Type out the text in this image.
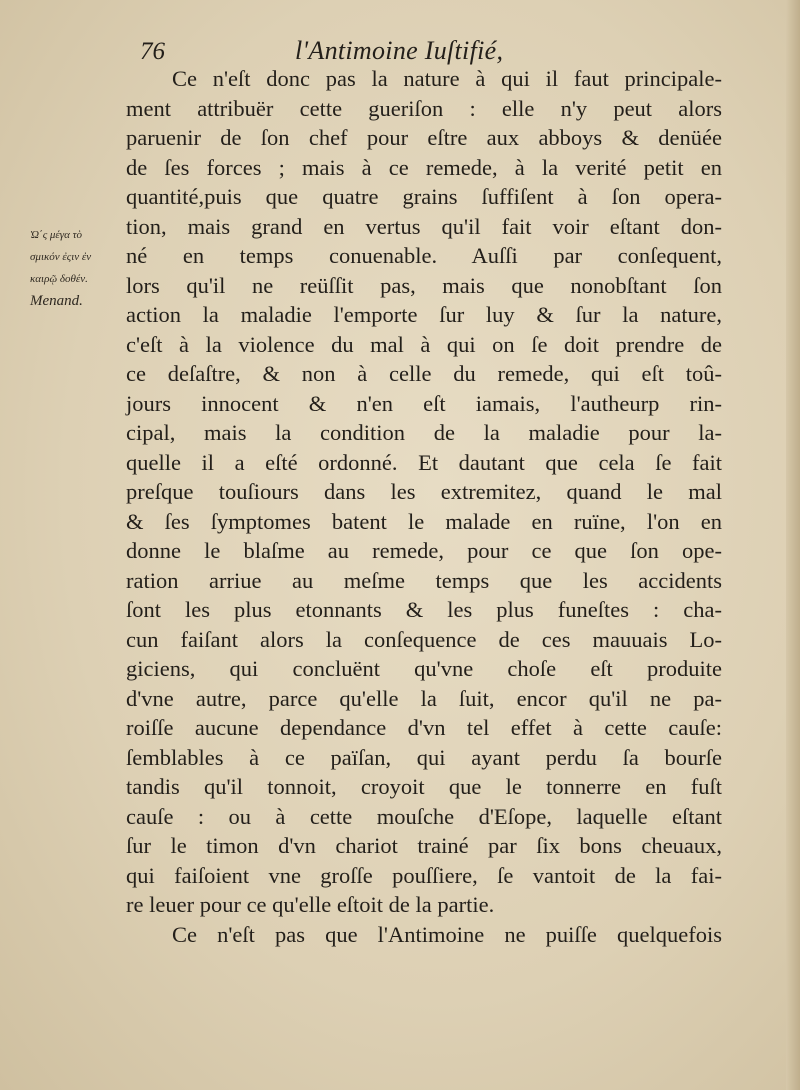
76	l'Antimoine Iuſtifié,
Ὡ΄ς μέγα τὸ
σμικόν ἐςιν ἐν
καιρῷ δοθέν.
Menand.
Ce n'eſt donc pas la nature à qui il faut principale-
ment attribuër cette gueriſon : elle n'y peut alors
paruenir de ſon chef pour eſtre aux abboys & denüée
de ſes forces ; mais à ce remede, à la verité petit en
quantité,puis que quatre grains ſuffiſent à ſon opera-
tion, mais grand en vertus qu'il fait voir eſtant don-
né en temps conuenable. Auſſi par conſequent,
lors qu'il ne reüſſit pas, mais que nonobſtant ſon
action la maladie l'emporte ſur luy & ſur la nature,
c'eſt à la violence du mal à qui on ſe doit prendre de
ce deſaſtre, & non à celle du remede, qui eſt toû-
jours innocent & n'en eſt iamais, l'autheurp rin-
cipal, mais la condition de la maladie pour la-
quelle il a eſté ordonné. Et dautant que cela ſe fait
preſque touſiours dans les extremitez, quand le mal
& ſes ſymptomes batent le malade en ruïne, l'on en
donne le blaſme au remede, pour ce que ſon ope-
ration arriue au meſme temps que les accidents
ſont les plus etonnants & les plus funeſtes : cha-
cun faiſant alors la conſequence de ces mauuais Lo-
giciens, qui concluënt qu'vne choſe eſt produite
d'vne autre, parce qu'elle la ſuit, encor qu'il ne pa-
roiſſe aucune dependance d'vn tel effet à cette cauſe:
ſemblables à ce païſan, qui ayant perdu ſa bourſe
tandis qu'il tonnoit, croyoit que le tonnerre en fuſt
cauſe : ou à cette mouſche d'Eſope, laquelle eſtant
ſur le timon d'vn chariot trainé par ſix bons cheuaux,
qui faiſoient vne groſſe pouſſiere, ſe vantoit de la fai-
re leuer pour ce qu'elle eſtoit de la partie.
Ce n'eſt pas que l'Antimoine ne puiſſe quelquefois
